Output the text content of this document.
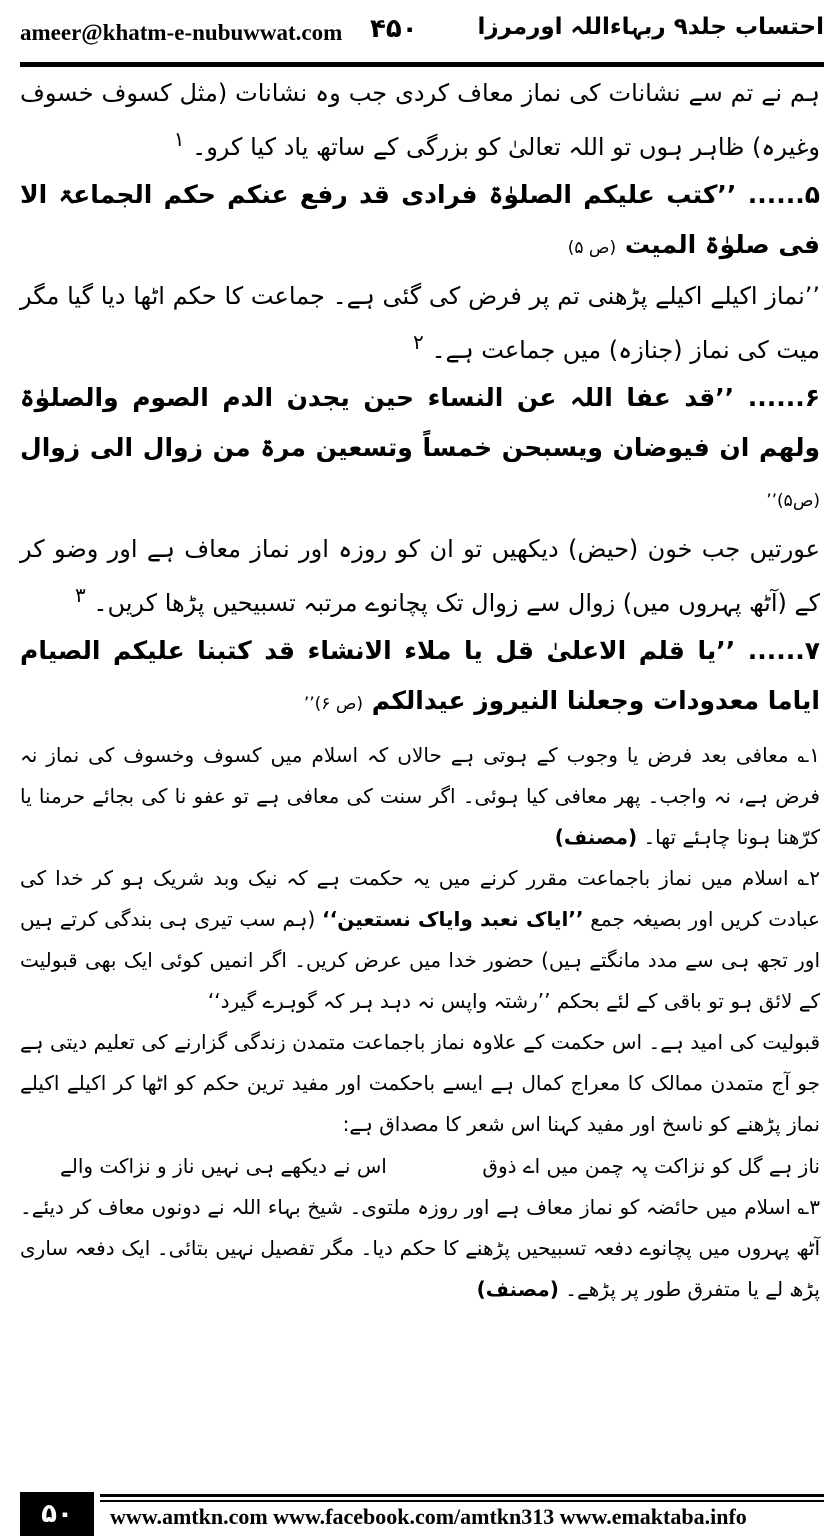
ameer@khatm-e-nubuwwat.com ۴۵۰	احتساب جلد۹ ربہاءاللہ اورمرزا

ہم نے تم سے نشانات کی نماز معاف کردی جب وہ نشانات (مثل کسوف خسوف وغیرہ) ظاہر ہوں تو اللہ تعالیٰ کو بزرگی کے ساتھ یاد کیا کرو۔ $^۱$

۵...... ’’کتب علیکم الصلوٰۃ فرادی قد رفع عنکم حکم الجماعۃ الا فی صلوٰۃ المیت (ص ۵)

’’نماز اکیلے اکیلے پڑھنی تم پر فرض کی گئی ہے۔ جماعت کا حکم اٹھا دیا گیا مگر میت کی نماز (جنازہ) میں جماعت ہے۔ $^۲$

۶...... ’’قد عفا اللہ عن النساء حین یجدن الدم الصوم والصلوٰۃ ولھم ان فیوضان ویسبحن خمساً وتسعین مرۃ من زوال الی زوال (ص۵)’’

عورتیں جب خون (حیض) دیکھیں تو ان کو روزہ اور نماز معاف ہے اور وضو کر کے (آٹھ پہروں میں) زوال سے زوال تک پچانوے مرتبہ تسبیحیں پڑھا کریں۔ $^۳$

۷...... ’’یا قلم الاعلیٰ قل یا ملاء الانشاء قد کتبنا علیکم الصیام ایاما معدودات وجعلنا النیروز عیدالکم (ص ۶)’’

۱؎ معافی بعد فرض یا وجوب کے ہوتی ہے حالاں کہ اسلام میں کسوف وخسوف کی نماز نہ فرض ہے، نہ واجب۔ پھر معافی کیا ہوئی۔ اگر سنت کی معافی ہے تو عفو نا کی بجائے حرمنا یا کرّھنا ہونا چاہئے تھا۔ (مصنف)

۲؎ اسلام میں نماز باجماعت مقرر کرنے میں یہ حکمت ہے کہ نیک وبد شریک ہو کر خدا کی عبادت کریں اور بصیغہ جمع ’’ایاک نعبد وایاک نستعین‘‘ (ہم سب تیری ہی بندگی کرتے ہیں اور تجھ ہی سے مدد مانگتے ہیں) حضور خدا میں عرض کریں۔ اگر انمیں کوئی ایک بھی قبولیت کے لائق ہو تو باقی کے لئے بحکم ’’رشتہ واپس نہ دہد ہر کہ گوہرے گیرد‘‘

قبولیت کی امید ہے۔ اس حکمت کے علاوہ نماز باجماعت متمدن زندگی گزارنے کی تعلیم دیتی ہے جو آج متمدن ممالک کا معراج کمال ہے ایسے باحکمت اور مفید ترین حکم کو اٹھا کر اکیلے اکیلے نماز پڑھنے کو ناسخ اور مفید کہنا اس شعر کا مصداق ہے:

ناز ہے گل کو نزاکت پہ چمن میں اے ذوق
اس نے دیکھے ہی نہیں ناز و نزاکت والے

۳؎ اسلام میں حائضہ کو نماز معاف ہے اور روزہ ملتوی۔ شیخ بہاء اللہ نے دونوں معاف کر دیئے۔ آٹھ پہروں میں پچانوے دفعہ تسبیحیں پڑھنے کا حکم دیا۔ مگر تفصیل نہیں بتائی۔ ایک دفعہ ساری پڑھ لے یا متفرق طور پر پڑھے۔ (مصنف)

۵۰	www.amtkn.com www.facebook.com/amtkn313 www.emaktaba.info
